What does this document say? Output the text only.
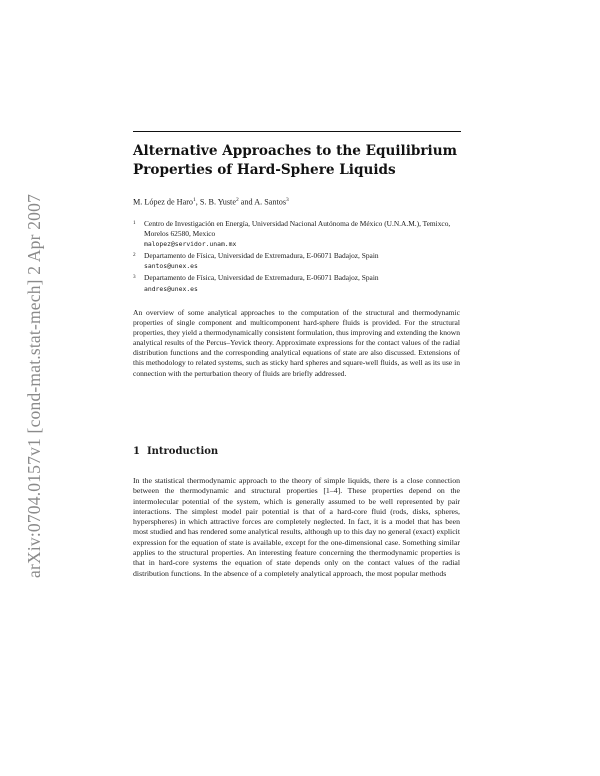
arXiv:0704.0157v1 [cond-mat.stat-mech] 2 Apr 2007
Alternative Approaches to the Equilibrium Properties of Hard-Sphere Liquids

M. López de Haro$^1$, S. B. Yuste$^2$ and A. Santos$^3$

1 Centro de Investigación en Energía, Universidad Nacional Autónoma de México (U.N.A.M.), Temixco, Morelos 62580, Mexico
malopez@servidor.unam.mx
2 Departamento de Física, Universidad de Extremadura, E-06071 Badajoz, Spain
santos@unex.es
3 Departamento de Física, Universidad de Extremadura, E-06071 Badajoz, Spain
andres@unex.es

An overview of some analytical approaches to the computation of the structural and thermodynamic properties of single component and multicomponent hard-sphere fluids is provided. For the structural properties, they yield a thermodynamically consistent formulation, thus improving and extending the known analytical results of the Percus–Yevick theory. Approximate expressions for the contact values of the radial distribution functions and the corresponding analytical equations of state are also discussed. Extensions of this methodology to related systems, such as sticky hard spheres and square-well fluids, as well as its use in connection with the perturbation theory of fluids are briefly addressed.

1 Introduction

In the statistical thermodynamic approach to the theory of simple liquids, there is a close connection between the thermodynamic and structural properties [1–4]. These properties depend on the intermolecular potential of the system, which is generally assumed to be well represented by pair interactions. The simplest model pair potential is that of a hard-core fluid (rods, disks, spheres, hyperspheres) in which attractive forces are completely neglected. In fact, it is a model that has been most studied and has rendered some analytical results, although up to this day no general (exact) explicit expression for the equation of state is available, except for the one-dimensional case. Something similar applies to the structural properties. An interesting feature concerning the thermodynamic properties is that in hard-core systems the equation of state depends only on the contact values of the radial distribution functions. In the absence of a completely analytical approach, the most popular methods
